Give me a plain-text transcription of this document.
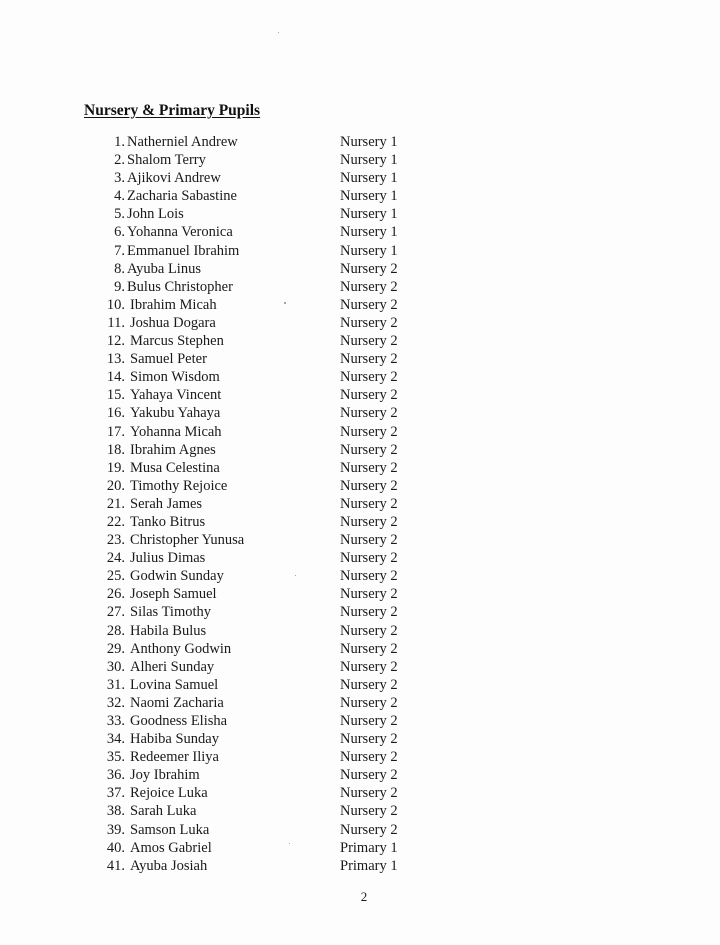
Nursery & Primary Pupils
1. Natherniel Andrew	Nursery 1
2. Shalom Terry	Nursery 1
3. Ajikovi Andrew	Nursery 1
4. Zacharia Sabastine	Nursery 1
5. John Lois	Nursery 1
6. Yohanna Veronica	Nursery 1
7. Emmanuel Ibrahim	Nursery 1
8. Ayuba Linus	Nursery 2
9. Bulus Christopher	Nursery 2
10. Ibrahim Micah	Nursery 2
11. Joshua Dogara	Nursery 2
12. Marcus Stephen	Nursery 2
13. Samuel Peter	Nursery 2
14. Simon Wisdom	Nursery 2
15. Yahaya Vincent	Nursery 2
16. Yakubu Yahaya	Nursery 2
17. Yohanna Micah	Nursery 2
18. Ibrahim Agnes	Nursery 2
19. Musa Celestina	Nursery 2
20. Timothy Rejoice	Nursery 2
21. Serah James	Nursery 2
22. Tanko Bitrus	Nursery 2
23. Christopher Yunusa	Nursery 2
24. Julius Dimas	Nursery 2
25. Godwin Sunday	Nursery 2
26. Joseph Samuel	Nursery 2
27. Silas Timothy	Nursery 2
28. Habila Bulus	Nursery 2
29. Anthony Godwin	Nursery 2
30. Alheri Sunday	Nursery 2
31. Lovina Samuel	Nursery 2
32. Naomi Zacharia	Nursery 2
33. Goodness Elisha	Nursery 2
34. Habiba Sunday	Nursery 2
35. Redeemer Iliya	Nursery 2
36. Joy Ibrahim	Nursery 2
37. Rejoice Luka	Nursery 2
38. Sarah Luka	Nursery 2
39. Samson Luka	Nursery 2
40. Amos Gabriel	Primary 1
41. Ayuba Josiah	Primary 1
2
